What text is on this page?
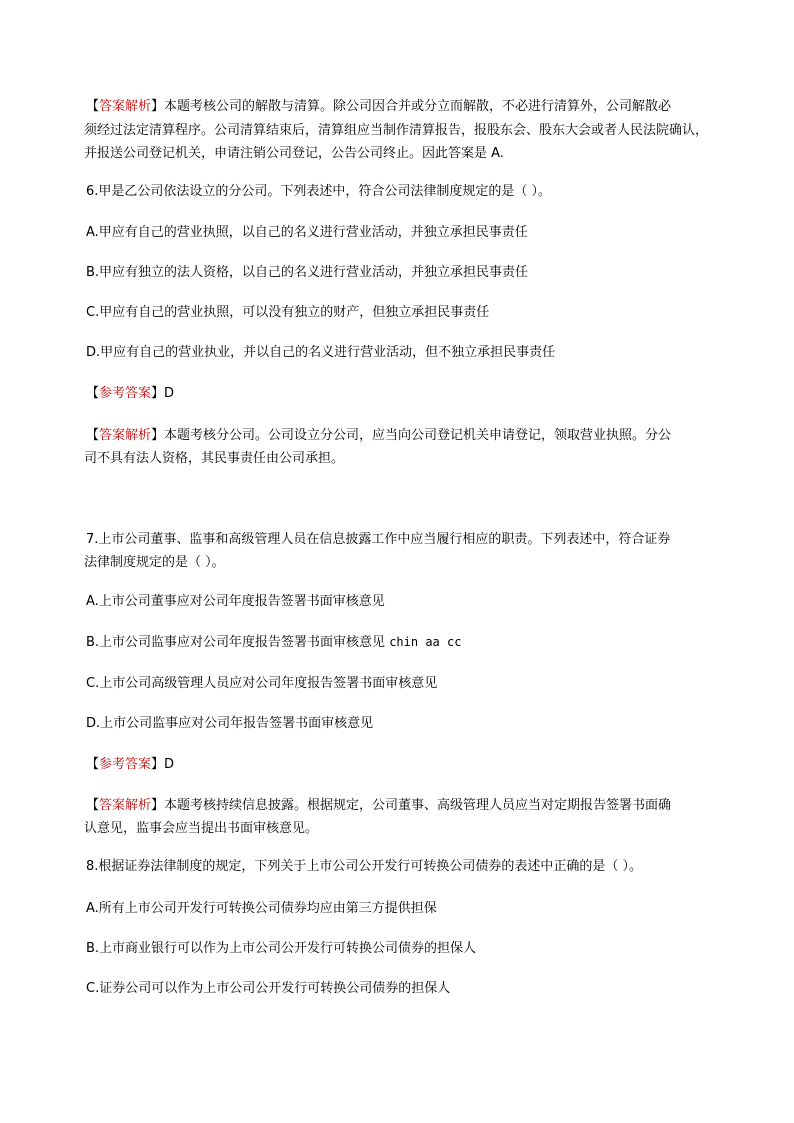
【答案解析】本题考核公司的解散与清算。除公司因合并或分立而解散，不必进行清算外，公司解散必
须经过法定清算程序。公司清算结束后，清算组应当制作清算报告，报股东会、股东大会或者人民法院确认，
并报送公司登记机关，申请注销公司登记，公告公司终止。因此答案是 A.
6.甲是乙公司依法设立的分公司。下列表述中，符合公司法律制度规定的是（ ）。
A.甲应有自己的营业执照，以自己的名义进行营业活动，并独立承担民事责任
B.甲应有独立的法人资格，以自己的名义进行营业活动，并独立承担民事责任
C.甲应有自己的营业执照，可以没有独立的财产，但独立承担民事责任
D.甲应有自己的营业执业，并以自己的名义进行营业活动，但不独立承担民事责任
【参考答案】D
【答案解析】本题考核分公司。公司设立分公司，应当向公司登记机关申请登记，领取营业执照。分公
司不具有法人资格，其民事责任由公司承担。
7.上市公司董事、监事和高级管理人员在信息披露工作中应当履行相应的职责。下列表述中，符合证券
法律制度规定的是（ ）。
A.上市公司董事应对公司年度报告签署书面审核意见
B.上市公司监事应对公司年度报告签署书面审核意见 chin aa cc
C.上市公司高级管理人员应对公司年度报告签署书面审核意见
D.上市公司监事应对公司年报告签署书面审核意见
【参考答案】D
【答案解析】本题考核持续信息披露。根据规定，公司董事、高级管理人员应当对定期报告签署书面确
认意见，监事会应当提出书面审核意见。
8.根据证券法律制度的规定，下列关于上市公司公开发行可转换公司债券的表述中正确的是（ ）。
A.所有上市公司开发行可转换公司债券均应由第三方提供担保
B.上市商业银行可以作为上市公司公开发行可转换公司债券的担保人
C.证券公司可以作为上市公司公开发行可转换公司债券的担保人
